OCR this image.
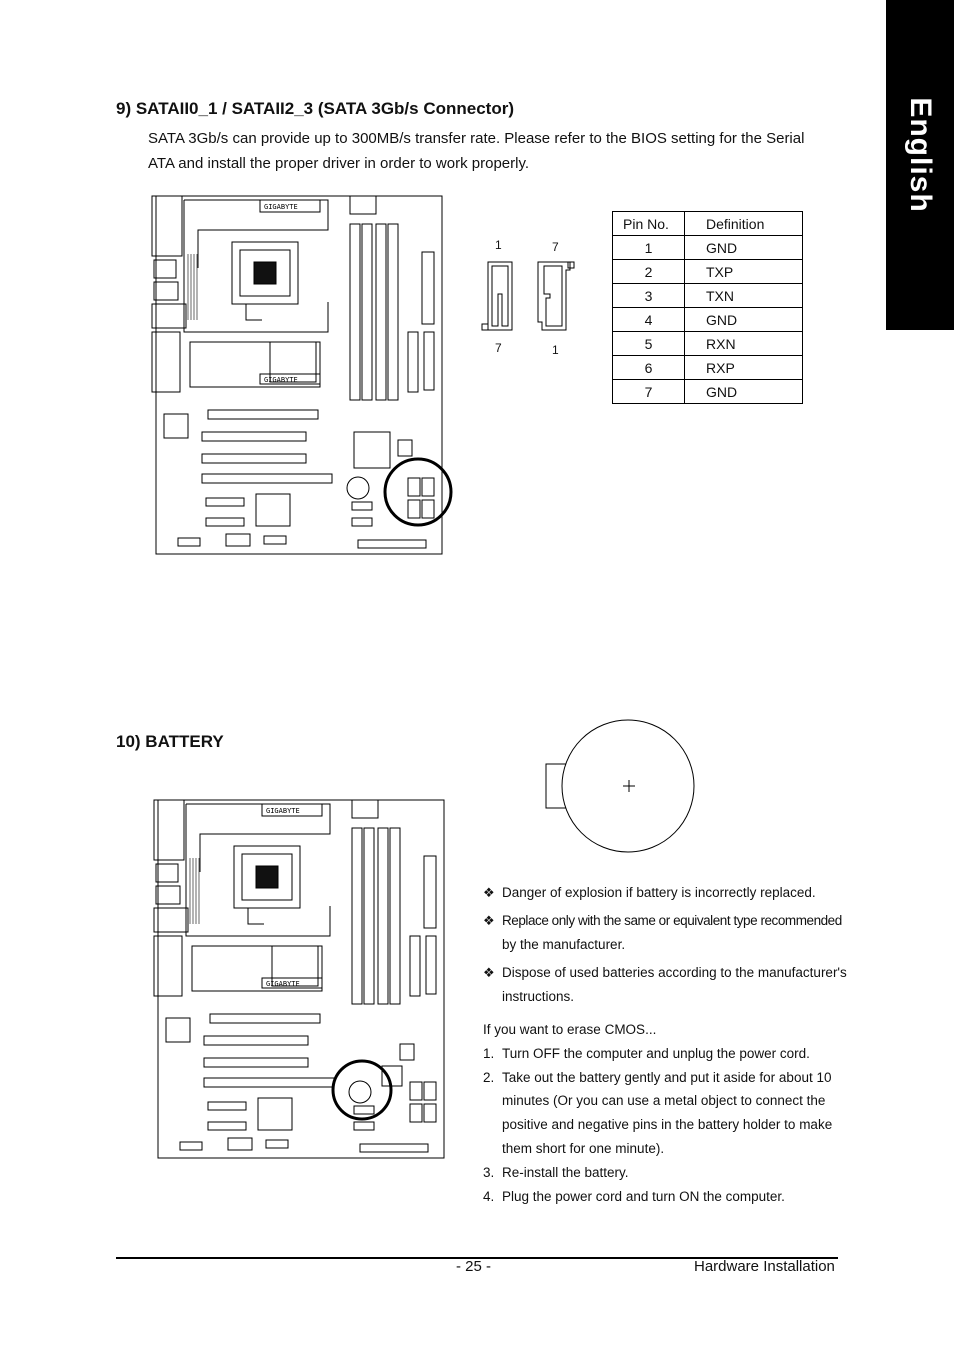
English
9) SATAII0_1 / SATAII2_3 (SATA 3Gb/s Connector)
SATA 3Gb/s can provide up to 300MB/s transfer rate. Please refer to the BIOS setting for the Serial
ATA and install the proper driver in order to work properly.
GIGABYTE
GIGABYTE
1	7
7	1
Pin No.	Definition
1	GND
2	TXP
3	TXN
4	GND
5	RXN
6	RXP
7	GND
10) BATTERY
GIGABYTE
GIGABYTE
❖ Danger of explosion if battery is incorrectly replaced.
❖ Replace only with the same or equivalent type recommended
by the manufacturer.
❖ Dispose of used batteries according to the manufacturer's
instructions.
If you want to erase CMOS...
1. Turn OFF the computer and unplug the power cord.
2. Take out the battery gently and put it aside for about 10
minutes (Or you can use a metal object to connect the
positive and negative pins in the battery holder to make
them short for one minute).
3. Re-install the battery.
4. Plug the power cord and turn ON the computer.
- 25 -	Hardware Installation
